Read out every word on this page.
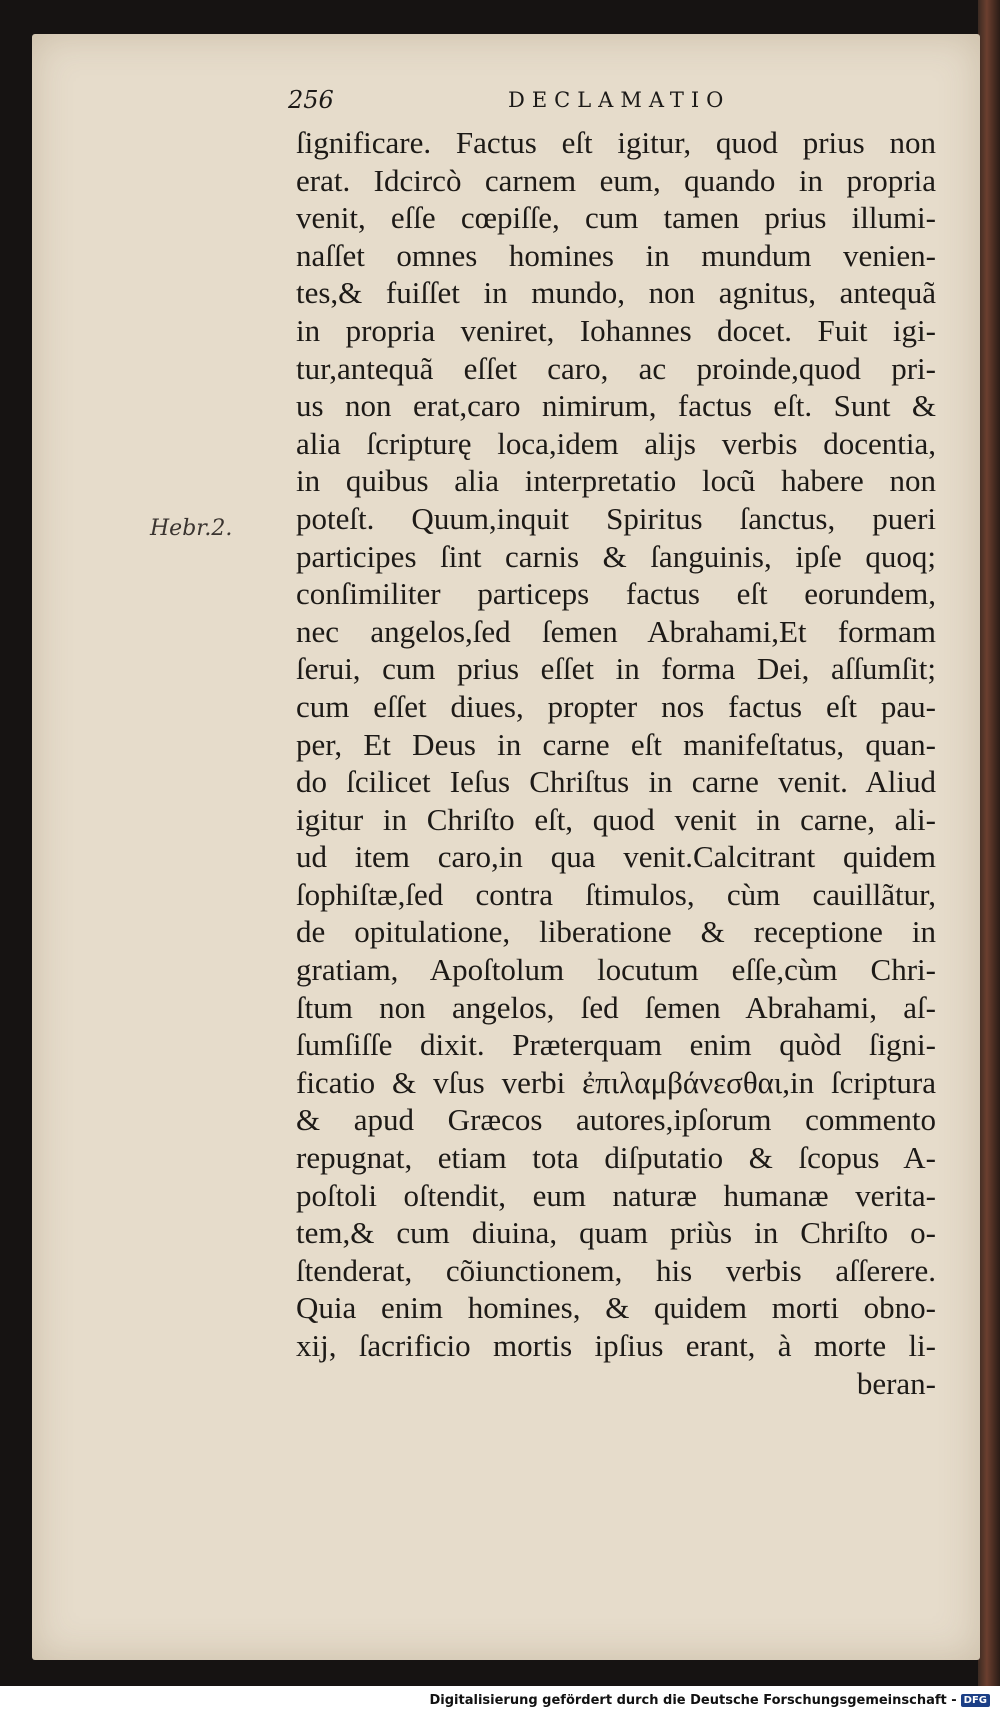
256	DECLAMATIO
Hebr.2.
ſignificare. Factus eſt igitur, quod prius non
erat. Idcircò carnem eum, quando in propria
venit, eſſe cœpiſſe, cum tamen prius illumi-
naſſet omnes homines in mundum venien-
tes,& fuiſſet in mundo, non agnitus, antequã
in propria veniret, Iohannes docet. Fuit igi-
tur,antequã eſſet caro, ac proinde,quod pri-
us non erat,caro nimirum, factus eſt. Sunt &
alia ſcripturę loca,idem alijs verbis docentia,
in quibus alia interpretatio locũ habere non
poteſt. Quum,inquit Spiritus ſanctus, pueri
participes ſint carnis & ſanguinis, ipſe quoq;
conſimiliter particeps factus eſt eorundem,
nec angelos,ſed ſemen Abrahami,Et formam
ſerui, cum prius eſſet in forma Dei, aſſumſit;
cum eſſet diues, propter nos factus eſt pau-
per, Et Deus in carne eſt manifeſtatus, quan-
do ſcilicet Ieſus Chriſtus in carne venit. Aliud
igitur in Chriſto eſt, quod venit in carne, ali-
ud item caro,in qua venit.Calcitrant quidem
ſophiſtæ,ſed contra ſtimulos, cùm cauillãtur,
de opitulatione, liberatione & receptione in
gratiam, Apoſtolum locutum eſſe,cùm Chri-
ſtum non angelos, ſed ſemen Abrahami, aſ-
ſumſiſſe dixit. Præterquam enim quòd ſigni-
ficatio & vſus verbi ἐπιλαμβάνεσθαι,in ſcriptura
& apud Græcos autores,ipſorum commento
repugnat, etiam tota diſputatio & ſcopus A-
poſtoli oſtendit, eum naturæ humanæ verita-
tem,& cum diuina, quam priùs in Chriſto o-
ſtenderat, cõiunctionem, his verbis aſſerere.
Quia enim homines, & quidem morti obno-
xij, ſacrificio mortis ipſius erant, à morte li-
beran-
Digitalisierung gefördert durch die Deutsche Forschungsgemeinschaft - DFG
